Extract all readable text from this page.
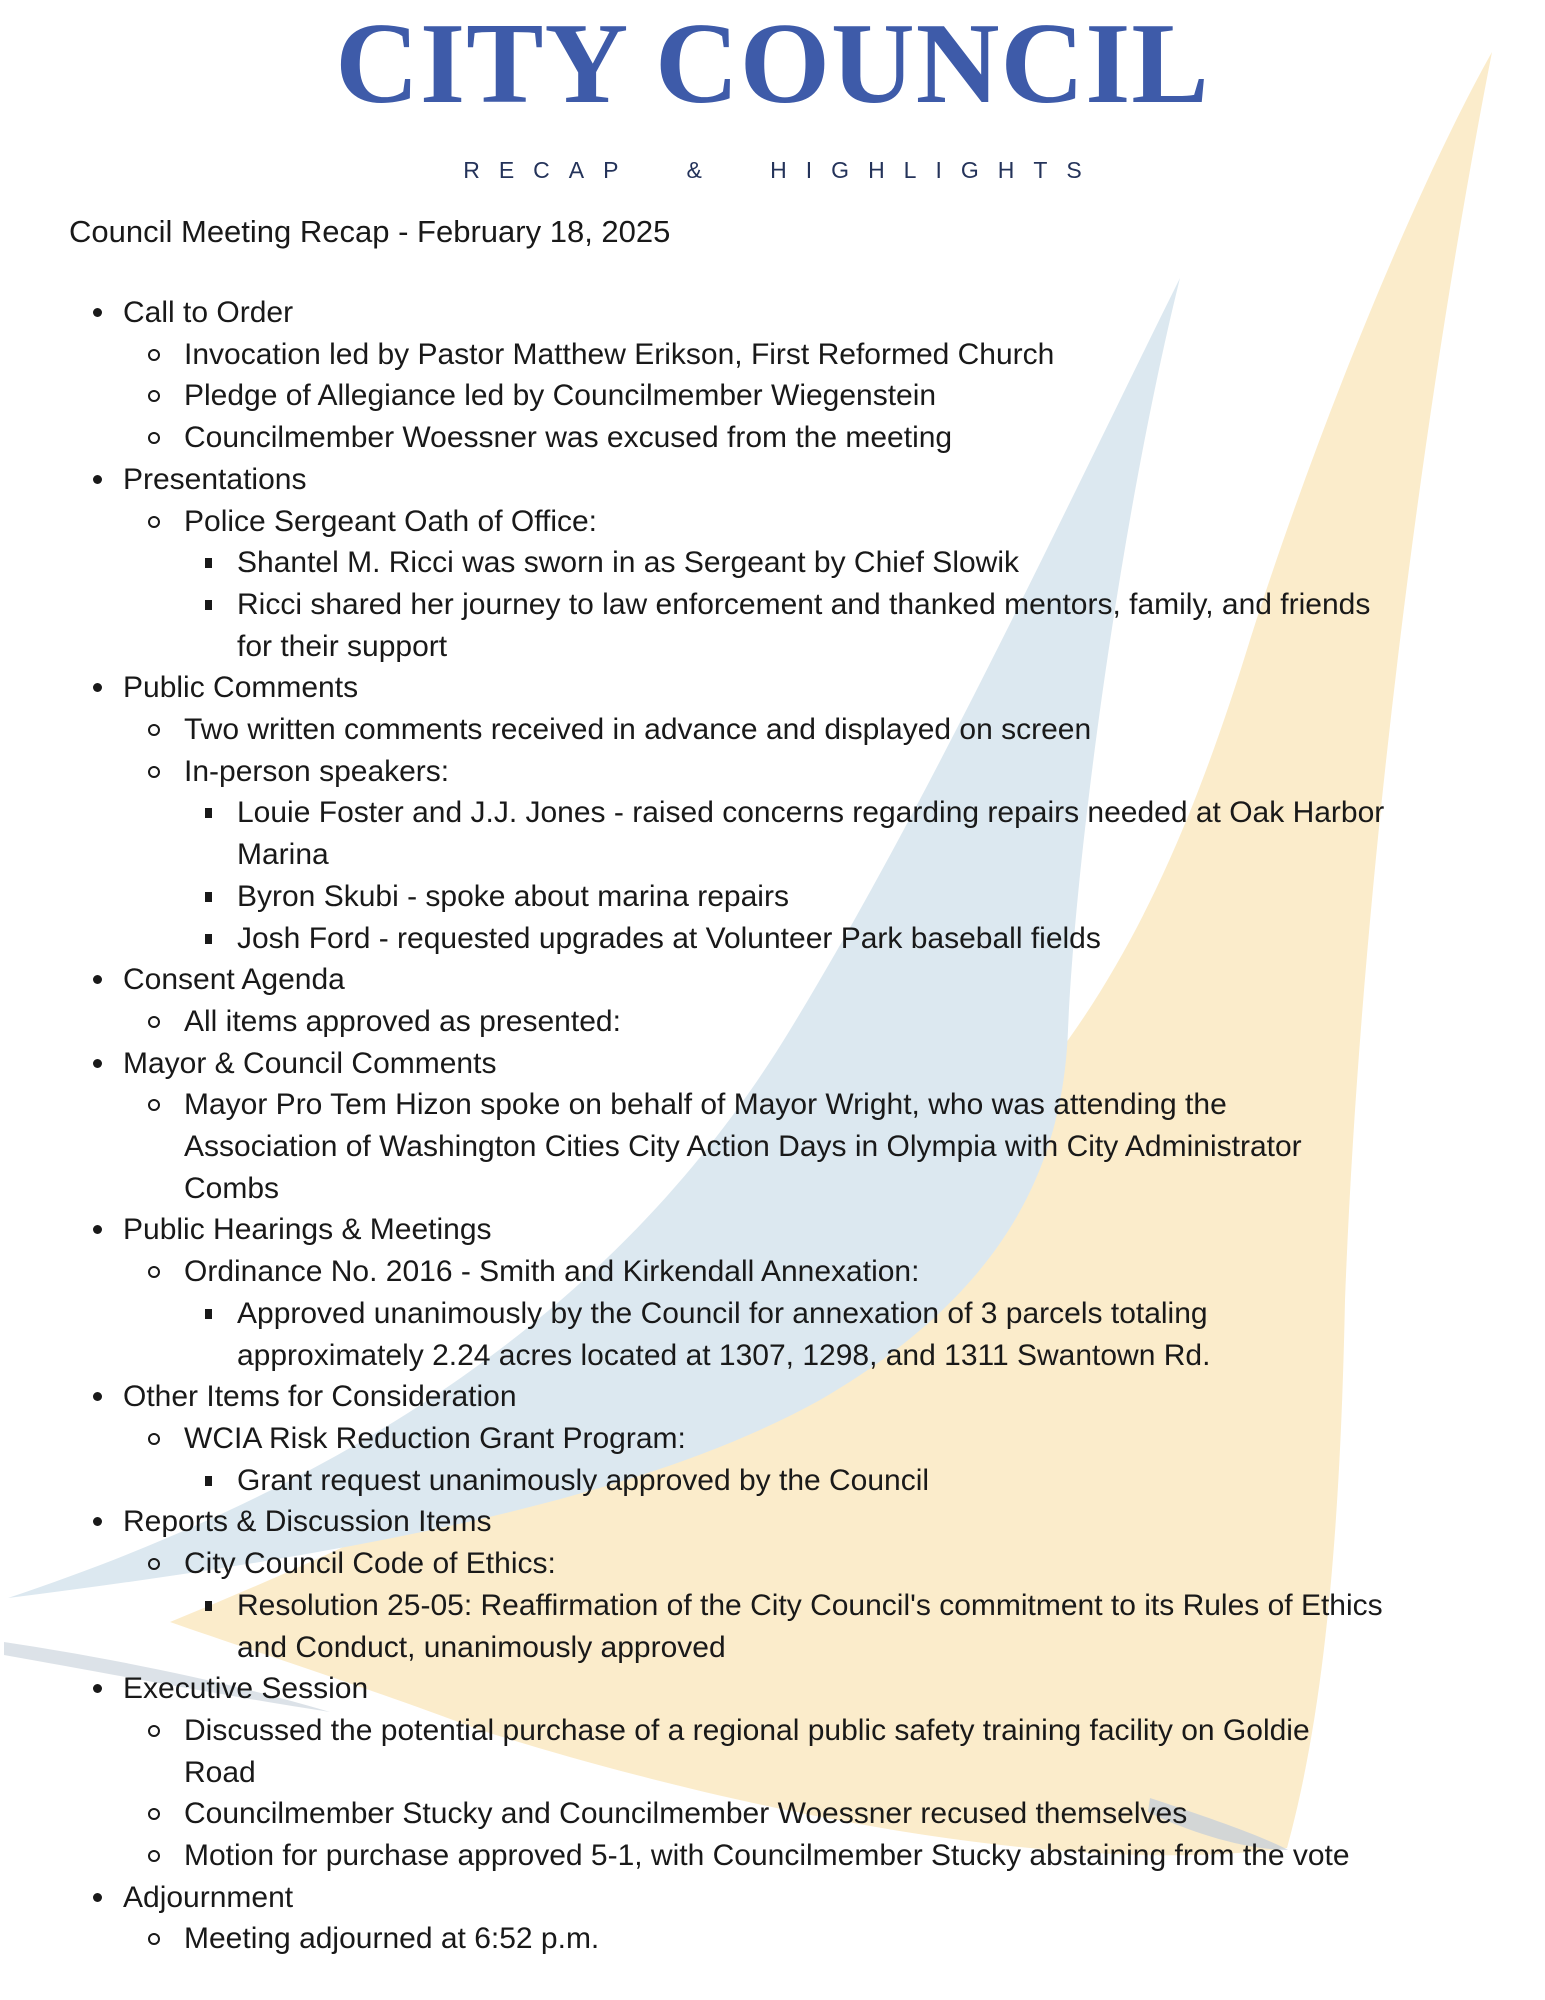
CITY COUNCIL
RECAP & HIGHLIGHTS
Council Meeting Recap - February 18, 2025
Call to Order
Invocation led by Pastor Matthew Erikson, First Reformed Church
Pledge of Allegiance led by Councilmember Wiegenstein
Councilmember Woessner was excused from the meeting
Presentations
Police Sergeant Oath of Office:
Shantel M. Ricci was sworn in as Sergeant by Chief Slowik
Ricci shared her journey to law enforcement and thanked mentors, family, and friends
for their support
Public Comments
Two written comments received in advance and displayed on screen
In-person speakers:
Louie Foster and J.J. Jones - raised concerns regarding repairs needed at Oak Harbor
Marina
Byron Skubi - spoke about marina repairs
Josh Ford - requested upgrades at Volunteer Park baseball fields
Consent Agenda
All items approved as presented:
Mayor & Council Comments
Mayor Pro Tem Hizon spoke on behalf of Mayor Wright, who was attending the
Association of Washington Cities City Action Days in Olympia with City Administrator
Combs
Public Hearings & Meetings
Ordinance No. 2016 - Smith and Kirkendall Annexation:
Approved unanimously by the Council for annexation of 3 parcels totaling
approximately 2.24 acres located at 1307, 1298, and 1311 Swantown Rd.
Other Items for Consideration
WCIA Risk Reduction Grant Program:
Grant request unanimously approved by the Council
Reports & Discussion Items
City Council Code of Ethics:
Resolution 25-05: Reaffirmation of the City Council's commitment to its Rules of Ethics
and Conduct, unanimously approved
Executive Session
Discussed the potential purchase of a regional public safety training facility on Goldie
Road
Councilmember Stucky and Councilmember Woessner recused themselves
Motion for purchase approved 5-1, with Councilmember Stucky abstaining from the vote
Adjournment
Meeting adjourned at 6:52 p.m.
